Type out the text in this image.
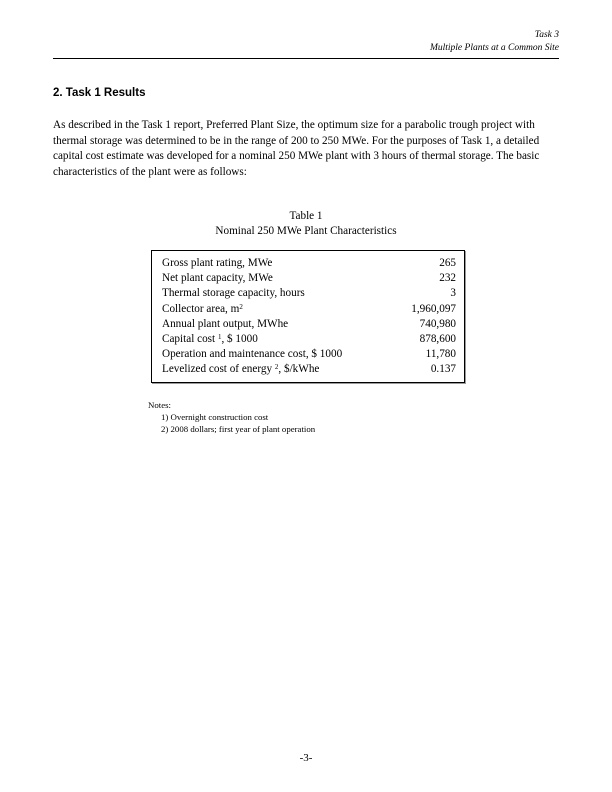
Task 3
Multiple Plants at a Common Site
2. Task 1 Results

As described in the Task 1 report, Preferred Plant Size, the optimum size for a parabolic trough project with thermal storage was determined to be in the range of 200 to 250 MWe. For the purposes of Task 1, a detailed capital cost estimate was developed for a nominal 250 MWe plant with 3 hours of thermal storage. The basic characteristics of the plant were as follows:

Table 1
Nominal 250 MWe Plant Characteristics
Gross plant rating, MWe	265
Net plant capacity, MWe	232
Thermal storage capacity, hours	3
Collector area, $m^2$	1,960,097
Annual plant output, MWhe	740,980
Capital cost $^1$, $ 1000	878,600
Operation and maintenance cost, $ 1000	11,780
Levelized cost of energy $^2$, $/kWhe	0.137
Notes:
1) Overnight construction cost
2) 2008 dollars; first year of plant operation
-3-
